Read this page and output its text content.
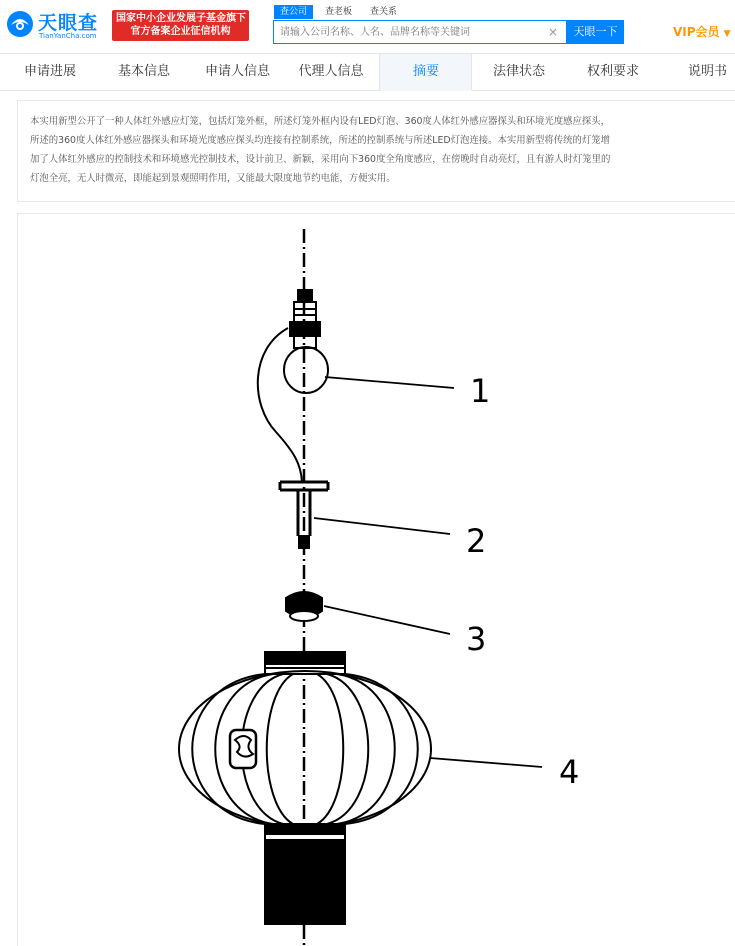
天眼查
TianYanCha.com
国家中小企业发展子基金旗下
官方备案企业征信机构
查公司	查老板	查关系
请输入公司名称、人名、品牌名称等关键词
×	天眼一下	VIP会员 ▼
申请进展	基本信息	申请人信息	代理人信息	摘要	法律状态	权利要求	说明书
本实用新型公开了一种人体红外感应灯笼，包括灯笼外框，所述灯笼外框内设有LED灯泡、360度人体红外感应器探头和环境光度感应探头，
所述的360度人体红外感应器探头和环境光度感应探头均连接有控制系统，所述的控制系统与所述LED灯泡连接。本实用新型将传统的灯笼增
加了人体红外感应的控制技术和环境感光控制技术，设计前卫、新颖，采用向下360度全角度感应，在傍晚时自动亮灯，且有游人时灯笼里的
灯泡全亮，无人时微亮，即能起到景观照明作用，又能最大限度地节约电能，方便实用。
1
2
3
4
